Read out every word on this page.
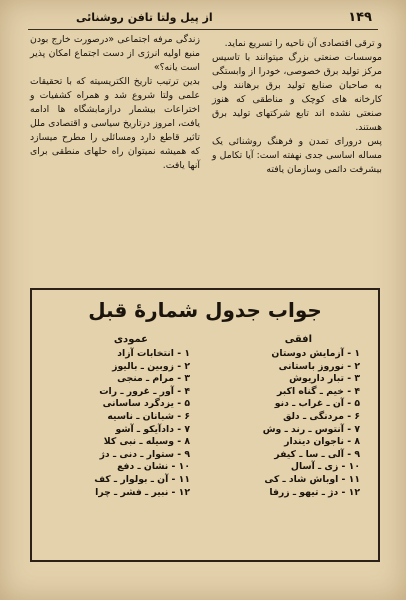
۱۴۹
از پیل ولتا تافن روشنائی

و ترقی اقتصادی آن ناحیه را تسریع نماید.

موسسات صنعتی بزرگ میتوانند با تاسیس مرکز تولید برق خصوصی، خودرا از وابستگی به صاحبان صنایع تولید برق برهانند ولی کارخانه های کوچک و مناطقی که هنوز صنعتی نشده اند تابع شرکتهای تولید برق هستند.

پس درورای تمدن و فرهنگ روشنائی یک مساله اساسی جدی نهفته است: آیا تکامل و بیشرفت دائمی وسازمان یافته

زندگی مرفه اجتماعی «درصورت خارج بودن منبع اولیه انرژی از دست اجتماع امکان پذیر است یانه؟»

بدین ترتیب تاریخ الکتریسیته که با تحقیقات علمی ولتا شروع شد و همراه کشفیات و اختراعات بیشمار درازمابشگاه ها ادامه یافت، امروز درتاریخ سیاسی و اقتصادی ملل تاثیر قاطع دارد ومسائلی را مطرح میسازد که همیشه نمیتوان راه حلهای منطقی برای آنها یافت.

جواب جدول شمارهٔ قبل
افقی
عمودی
۱ - آزمایش دوستان
۲ - نوروز باستانی
۳ - تبار داریوش
۴ - خیم ـ گناه اکبر
۵ - آن ـ غراب ـ دنو
۶ - مردنگی ـ دلق
۷ - آنتوس ـ رند ـ وش
۸ - ناجوان دیندار
۹ - آلی ـ سا ـ کیفر
۱۰ - زی ـ آسال
۱۱ - اوباش شاد ـ کی
۱۲ - دژ ـ تیهو ـ زرفا
۱ - انتخابات آزاد
۲ - زوبین ـ بالیوز
۳ - مرام ـ منجی
۴ - آور ـ غرور ـ رات
۵ - یزدگرد ساسانی
۶ - شبانان ـ ناسیه
۷ - دادآیکو ـ آشو
۸ - وسیله ـ نبی کلا
۹ - ستوار ـ دنی ـ دژ
۱۰ - نشان ـ دفع
۱۱ - آن ـ بولوار ـ کف
۱۲ - نبیر ـ فشر ـ چرا
